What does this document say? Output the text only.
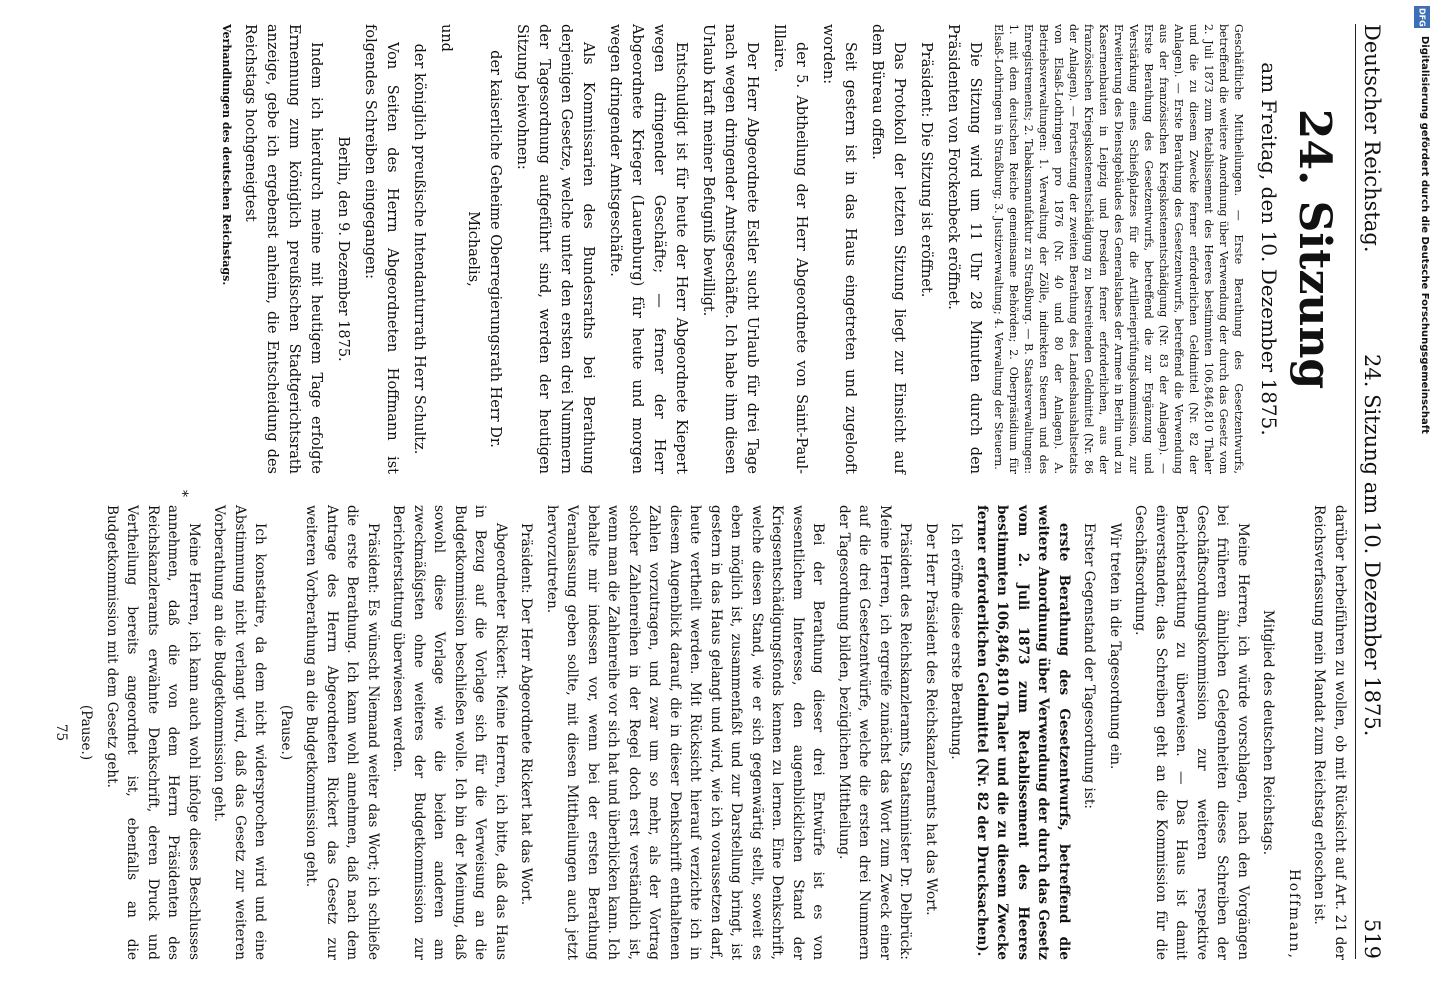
Deutscher Reichstag.
24. Sitzung am 10. Dezember 1875.
519
24. Sitzung
am Freitag, den 10. Dezember 1875.

Geschäftliche Mittheilungen. — Erste Berathung des Gesetzentwurfs, betreffend die weitere Anordnung über Verwendung der durch das Gesetz vom 2. Juli 1873 zum Retablissement des Heeres bestimmten 106,846,810 Thaler und die zu diesem Zwecke ferner erforderlichen Geldmittel (Nr. 82 der Anlagen). — Erste Berathung des Gesetzentwurfs, betreffend die Verwendung aus der französischen Kriegskostenentschädigung (Nr. 83 der Anlagen). — Erste Berathung des Gesetzentwurfs, betreffend die zur Ergänzung und Verstärkung eines Schießplatzes für die Artillerieprüfungskommission, zur Erweiterung des Dienstgebäudes des Generalstabes der Armee in Berlin und zu Kasernenbauten in Leipzig und Dresden ferner erforderlichen, aus der französischen Kriegskostenentschädigung zu bestreitenden Geldmittel (Nr. 86 der Anlagen). — Fortsetzung der zweiten Berathung des Landeshaushaltsetats von Elsaß-Lothringen pro 1876 (Nr. 40 und 80 der Anlagen). A. Betriebsverwaltungen: 1. Verwaltung der Zölle, indirekten Steuern und des Enregistrements; 2. Tabaksmanufaktur zu Straßburg. — B. Staatsverwaltungen: 1. mit dem deutschen Reiche gemeinsame Behörden; 2. Oberpräsidium für Elsaß-Lothringen in Straßburg; 3. Justizverwaltung; 4. Verwaltung der Steuern.

Die Sitzung wird um 11 Uhr 28 Minuten durch den Präsidenten von Forckenbeck eröffnet.

Präsident: Die Sitzung ist eröffnet.

Das Protokoll der letzten Sitzung liegt zur Einsicht auf dem Büreau offen.

Seit gestern ist in das Haus eingetreten und zugelooft worden:

der 5. Abtheilung der Herr Abgeordnete von Saint-Paul-Illaire.

Der Herr Abgeordnete Estler sucht Urlaub für drei Tage nach wegen dringender Amtsgeschäfte. Ich habe ihm diesen Urlaub kraft meiner Befugniß bewilligt.

Entschuldigt ist für heute der Herr Abgeordnete Kiepert wegen dringender Geschäfte; — ferner der Herr Abgeordnete Krieger (Lauenburg) für heute und morgen wegen dringender Amtsgeschäfte.

Als Kommissarien des Bundesraths bei Berathung derjenigen Gesetze, welche unter den ersten drei Nummern der Tagesordnung aufgeführt sind, werden der heutigen Sitzung beiwohnen:

der kaiserliche Geheime Oberregierungsrath Herr Dr. Michaelis,

und

der königlich preußische Intendanturrath Herr Schultz.

Von Seiten des Herrn Abgeordneten Hoffmann ist folgendes Schreiben eingegangen:

Berlin, den 9. Dezember 1875.

Indem ich hierdurch meine mit heutigem Tage erfolgte Ernennung zum königlich preußischen Stadtgerichtsrath anzeige, gebe ich ergebenst anheim, die Entscheidung des Reichstags hochgeneigtest

Verhandlungen des deutschen Reichstags.

darüber herbeiführen zu wollen, ob mit Rücksicht auf Art. 21 der Reichsverfassung mein Mandat zum Reichstag erloschen ist.

Hoffmann,

Mitglied des deutschen Reichstags.

Meine Herren, ich würde vorschlagen, nach den Vorgängen bei früheren ähnlichen Gelegenheiten dieses Schreiben der Geschäftsordnungskommission zur weiteren respektive Berichterstattung zu überweisen. — Das Haus ist damit einverstanden; das Schreiben geht an die Kommission für die Geschäftsordnung.

Wir treten in die Tagesordnung ein.

Erster Gegenstand der Tagesordnung ist:

erste Berathung des Gesetzentwurfs, betreffend die weitere Anordnung über Verwendung der durch das Gesetz vom 2. Juli 1873 zum Retablissement des Heeres bestimmten 106,846,810 Thaler und die zu diesem Zwecke ferner erforderlichen Geldmittel (Nr. 82 der Drucksachen).

Ich eröffne diese erste Berathung.

Der Herr Präsident des Reichskanzleramts hat das Wort.

Präsident des Reichskanzleramts, Staatsminister Dr. Delbrück: Meine Herren, ich ergreife zunächst das Wort zum Zweck einer auf die drei Gesetzentwürfe, welche die ersten drei Nummern der Tagesordnung bilden, bezüglichen Mittheilung.

Bei der Berathung dieser drei Entwürfe ist es von wesentlichem Interesse, den augenblicklichen Stand der Kriegsentschädigungsfonds kennen zu lernen. Eine Denkschrift, welche diesen Stand, wie er sich gegenwärtig stellt, soweit es eben möglich ist, zusammenfaßt und zur Darstellung bringt, ist gestern in das Haus gelangt und wird, wie ich voraussetzen darf, heute vertheilt werden. Mit Rücksicht hierauf verzichte ich in diesem Augenblick darauf, die in dieser Denkschrift enthaltenen Zahlen vorzutragen, und zwar um so mehr, als der Vortrag solcher Zahlenreihen in der Regel doch erst verständlich ist, wenn man die Zahlenreihe vor sich hat und überblicken kann. Ich behalte mir indessen vor, wenn bei der ersten Berathung Veranlassung geben sollte, mit diesen Mittheilungen auch jetzt hervorzutreten.

Präsident: Der Herr Abgeordnete Rickert hat das Wort.

Abgeordneter Rickert: Meine Herren, ich bitte, daß das Haus in Bezug auf die Vorlage sich für die Verweisung an die Budgetkommission beschließen wolle. Ich bin der Meinung, daß sowohl diese Vorlage wie die beiden anderen am zweckmäßigsten ohne weiteres der Budgetkommission zur Berichterstattung überwiesen werden.

Präsident: Es wünscht Niemand weiter das Wort; ich schließe die erste Berathung. Ich kann wohl annehmen, daß nach dem Antrage des Herrn Abgeordneten Rickert das Gesetz zur weiteren Vorberathung an die Budgetkommission geht.

(Pause.)

Ich konstatire, da dem nicht widersprochen wird und eine Abstimmung nicht verlangt wird, daß das Gesetz zur weiteren Vorberathung an die Budgetkommission geht.

Meine Herren, ich kann auch wohl infolge dieses Beschlusses annehmen, daß die von dem Herrn Präsidenten des Reichskanzleramts erwähnte Denkschrift, deren Druck und Vertheilung bereits angeordnet ist, ebenfalls an die Budgetkommission mit dem Gesetz geht.

(Pause.)

75

*
DFG
Digitalisierung gefördert durch die Deutsche Forschungsgemeinschaft
